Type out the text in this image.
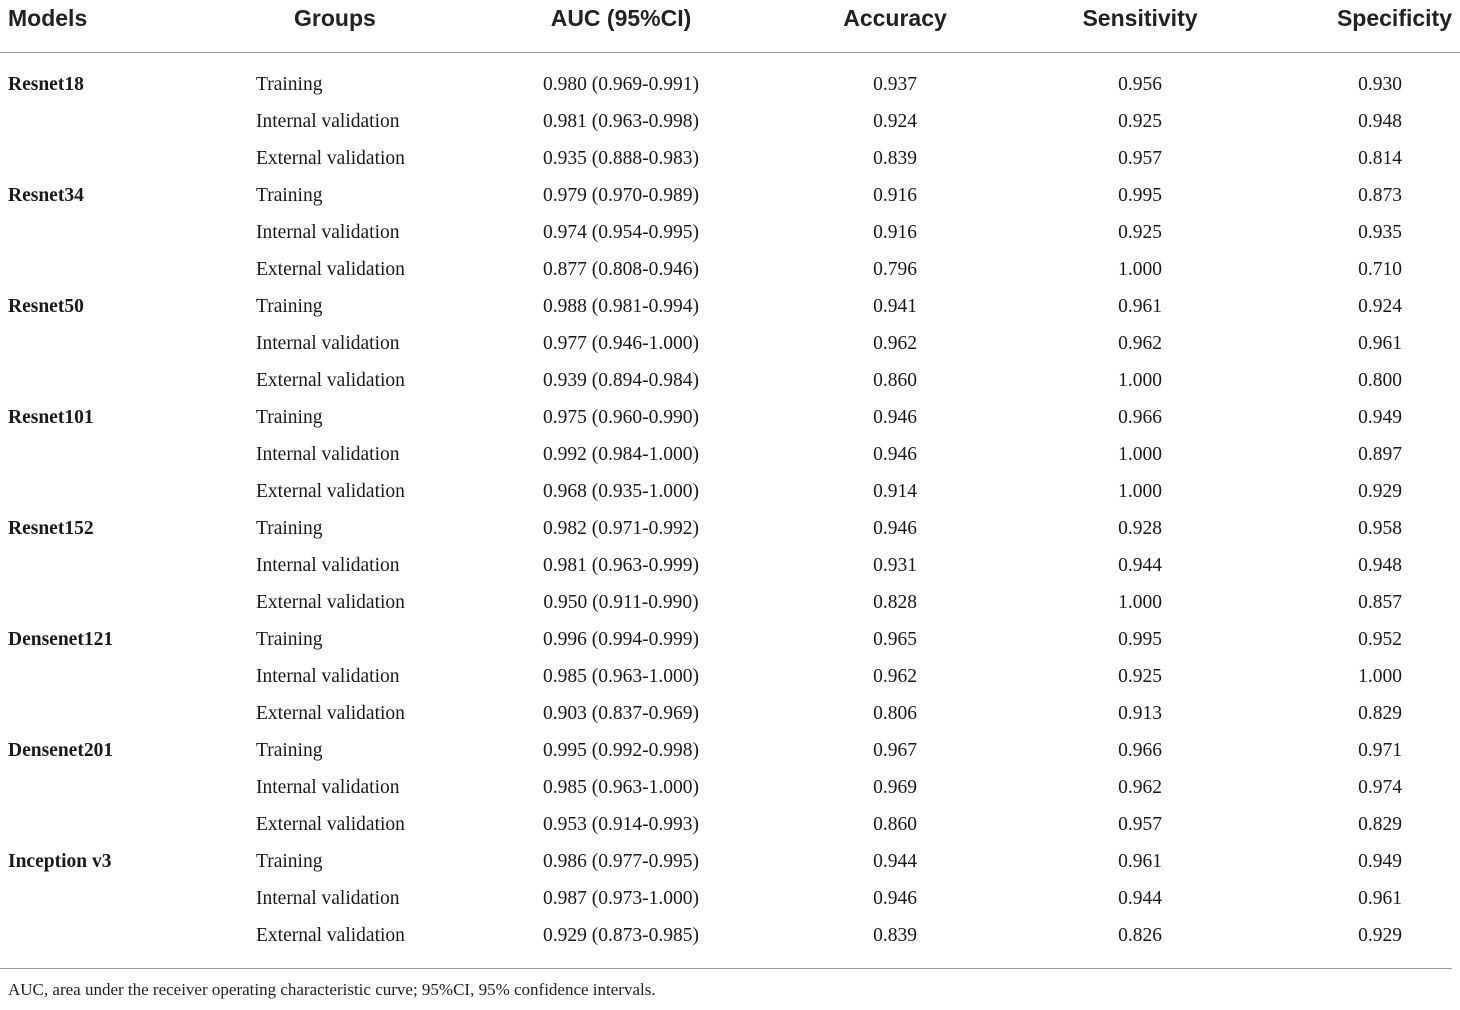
Models	Groups	AUC (95%CI)	Accuracy	Sensitivity	Specificity
Resnet18	Training	0.980 (0.969-0.991)	0.937	0.956	0.930
	Internal validation	0.981 (0.963-0.998)	0.924	0.925	0.948
	External validation	0.935 (0.888-0.983)	0.839	0.957	0.814
Resnet34	Training	0.979 (0.970-0.989)	0.916	0.995	0.873
	Internal validation	0.974 (0.954-0.995)	0.916	0.925	0.935
	External validation	0.877 (0.808-0.946)	0.796	1.000	0.710
Resnet50	Training	0.988 (0.981-0.994)	0.941	0.961	0.924
	Internal validation	0.977 (0.946-1.000)	0.962	0.962	0.961
	External validation	0.939 (0.894-0.984)	0.860	1.000	0.800
Resnet101	Training	0.975 (0.960-0.990)	0.946	0.966	0.949
	Internal validation	0.992 (0.984-1.000)	0.946	1.000	0.897
	External validation	0.968 (0.935-1.000)	0.914	1.000	0.929
Resnet152	Training	0.982 (0.971-0.992)	0.946	0.928	0.958
	Internal validation	0.981 (0.963-0.999)	0.931	0.944	0.948
	External validation	0.950 (0.911-0.990)	0.828	1.000	0.857
Densenet121	Training	0.996 (0.994-0.999)	0.965	0.995	0.952
	Internal validation	0.985 (0.963-1.000)	0.962	0.925	1.000
	External validation	0.903 (0.837-0.969)	0.806	0.913	0.829
Densenet201	Training	0.995 (0.992-0.998)	0.967	0.966	0.971
	Internal validation	0.985 (0.963-1.000)	0.969	0.962	0.974
	External validation	0.953 (0.914-0.993)	0.860	0.957	0.829
Inception v3	Training	0.986 (0.977-0.995)	0.944	0.961	0.949
	Internal validation	0.987 (0.973-1.000)	0.946	0.944	0.961
	External validation	0.929 (0.873-0.985)	0.839	0.826	0.929
AUC, area under the receiver operating characteristic curve; 95%CI, 95% confidence intervals.
